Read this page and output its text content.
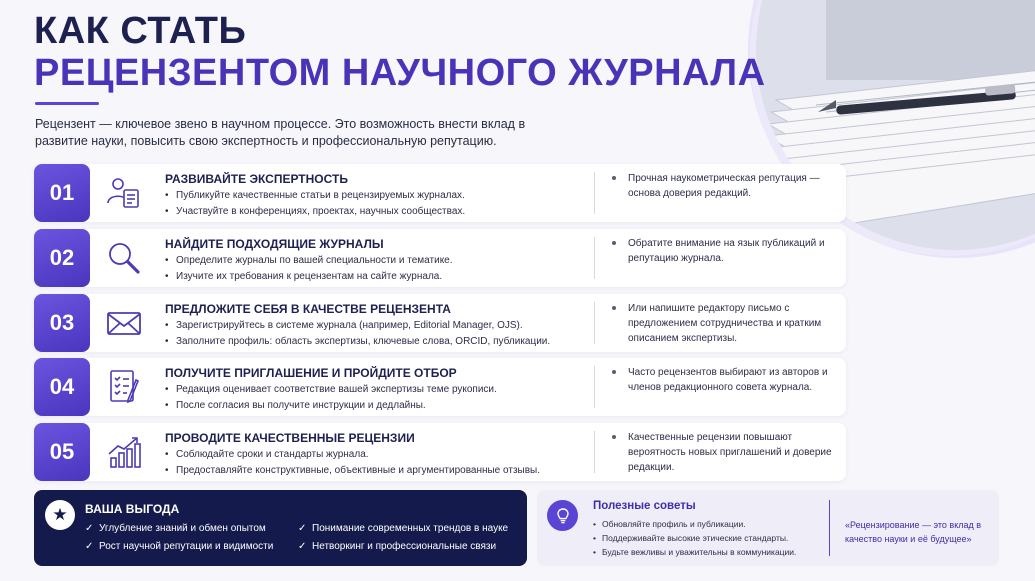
КАК СТАТЬ
РЕЦЕНЗЕНТОМ НАУЧНОГО ЖУРНАЛА
Рецензент — ключевое звено в научном процессе. Это возможность внести вклад в развитие науки, повысить свою экспертность и профессиональную репутацию.
01
РАЗВИВАЙТЕ ЭКСПЕРТНОСТЬ
• Публикуйте качественные статьи в рецензируемых журналах.
• Участвуйте в конференциях, проектах, научных сообществах.
Прочная наукометрическая репутация — основа доверия редакций.
02
НАЙДИТЕ ПОДХОДЯЩИЕ ЖУРНАЛЫ
• Определите журналы по вашей специальности и тематике.
• Изучите их требования к рецензентам на сайте журнала.
Обратите внимание на язык публикаций и репутацию журнала.
03
ПРЕДЛОЖИТЕ СЕБЯ В КАЧЕСТВЕ РЕЦЕНЗЕНТА
• Зарегистрируйтесь в системе журнала (например, Editorial Manager, OJS).
• Заполните профиль: область экспертизы, ключевые слова, ORCID, публикации.
Или напишите редактору письмо с предложением сотрудничества и кратким описанием экспертизы.
04
ПОЛУЧИТЕ ПРИГЛАШЕНИЕ И ПРОЙДИТЕ ОТБОР
• Редакция оценивает соответствие вашей экспертизы теме рукописи.
• После согласия вы получите инструкции и дедлайны.
Часто рецензентов выбирают из авторов и членов редакционного совета журнала.
05
ПРОВОДИТЕ КАЧЕСТВЕННЫЕ РЕЦЕНЗИИ
• Соблюдайте сроки и стандарты журнала.
• Предоставляйте конструктивные, объективные и аргументированные отзывы.
Качественные рецензии повышают вероятность новых приглашений и доверие редакции.
★	ВАША ВЫГОДА
✓ Углубление знаний и обмен опытом	✓ Понимание современных трендов в науке
✓ Рост научной репутации и видимости ✓ Нетворкинг и профессиональные связи
Полезные советы
• Обновляйте профиль и публикации.
• Поддерживайте высокие этические стандарты.
• Будьте вежливы и уважительны в коммуникации.
«Рецензирование — это вклад в качество науки и её будущее»
